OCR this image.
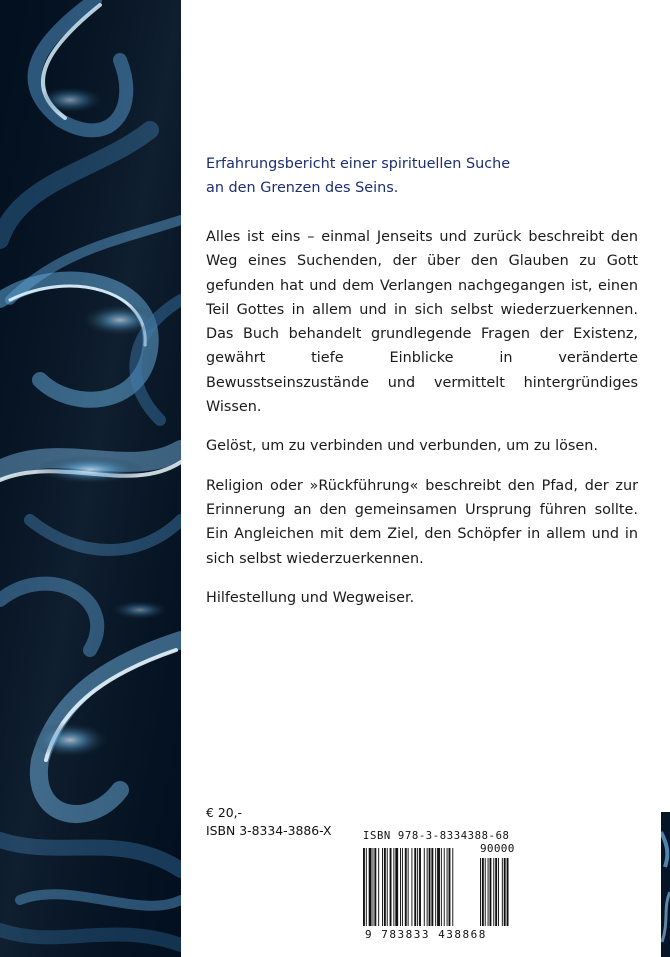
Erfahrungsbericht einer spirituellen Suche

an den Grenzen des Seins.

Alles ist eins – einmal Jenseits und zurück beschreibt den Weg eines Suchenden, der über den Glauben zu Gott gefunden hat und dem Verlangen nachgegangen ist, einen Teil Gottes in allem und in sich selbst wiederzuerkennen. Das Buch behandelt grundlegende Fragen der Existenz, gewährt tiefe Einblicke in veränderte Bewusstseinszustände und vermittelt hintergründiges Wissen.

Gelöst, um zu verbinden und verbunden, um zu lösen.

Religion oder »Rückführung« beschreibt den Pfad, der zur Erinnerung an den gemeinsamen Ursprung führen sollte. Ein Angleichen mit dem Ziel, den Schöpfer in allem und in sich selbst wiederzuerkennen.

Hilfestellung und Wegweiser.

€ 20,-
ISBN 3-8334-3886-X	ISBN 978-3-8334388-68
90000
9 783833 438868
